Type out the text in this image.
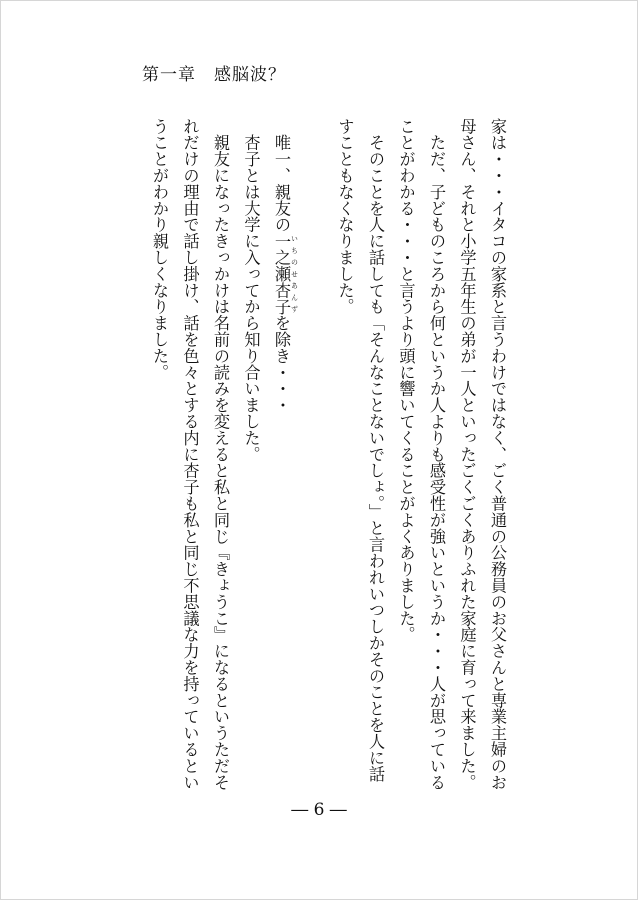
第一章　感脳波？

家は・・・イタコの家系と言うわけではなく、ごく普通の公務員のお父さんと専業主婦のお母さん、それと小学五年生の弟が一人といったごくごくありふれた家庭に育って来ました。

　ただ、子どものころから何というか人よりも感受性が強いというか・・・人が思っていることがわかる・・・と言うより頭に響いてくることがよくありました。

　そのことを人に話しても「そんなことないでしょ。」と言われいつしかそのことを人に話すこともなくなりました。

　唯一、親友の一之瀬杏子 いちのせあんずを除き・・・

　杏子とは大学に入ってから知り合いました。

　親友になったきっかけは名前の読みを変えると私と同じ『きょうこ』になるというただそれだけの理由で話し掛け、話を色々とする内に杏子も私と同じ不思議な力を持っているということがわかり親しくなりました。

― 6 ―
